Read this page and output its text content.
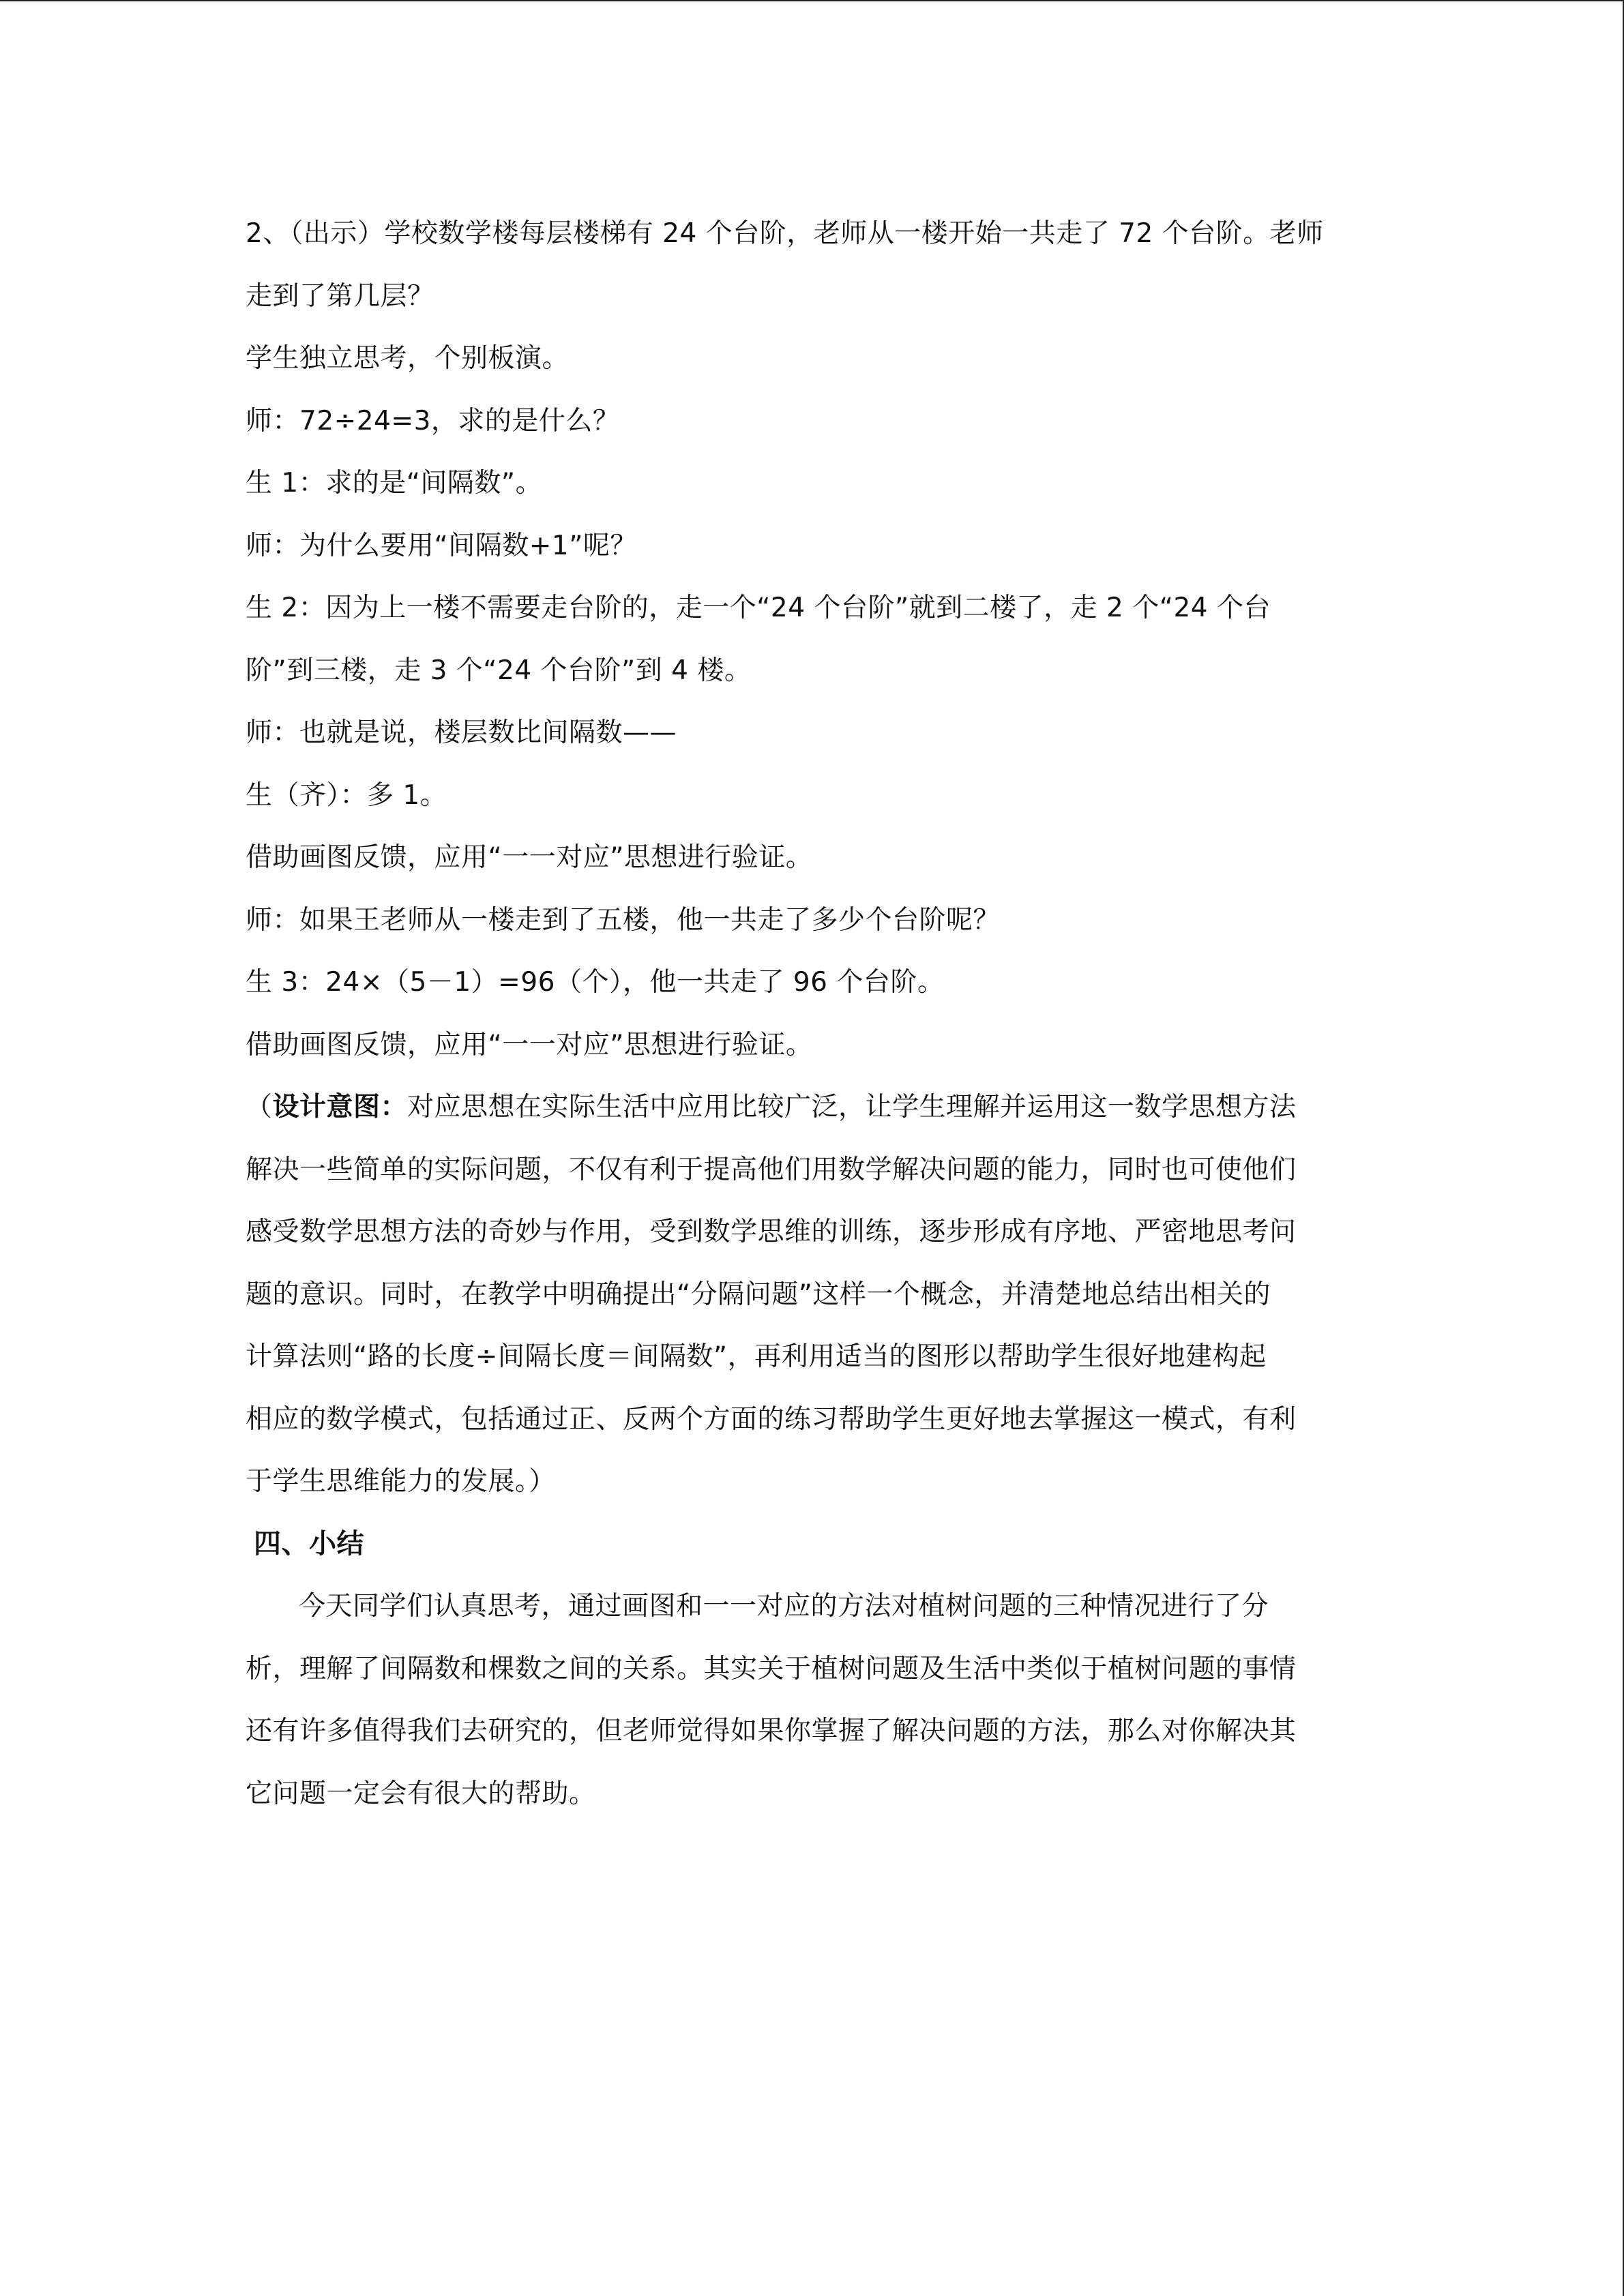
2、（出示）学校数学楼每层楼梯有 24 个台阶，老师从一楼开始一共走了 72 个台阶。老师
走到了第几层？
学生独立思考，个别板演。
师：72÷24=3，求的是什么？
生 1：求的是“间隔数”。
师：为什么要用“间隔数+1”呢？
生 2：因为上一楼不需要走台阶的，走一个“24 个台阶”就到二楼了，走 2 个“24 个台
阶”到三楼，走 3 个“24 个台阶”到 4 楼。
师：也就是说，楼层数比间隔数——
生（齐）：多 1。
借助画图反馈，应用“一一对应”思想进行验证。
师：如果王老师从一楼走到了五楼，他一共走了多少个台阶呢？
生 3：24×（5－1）=96（个），他一共走了 96 个台阶。
借助画图反馈，应用“一一对应”思想进行验证。
（设计意图：对应思想在实际生活中应用比较广泛，让学生理解并运用这一数学思想方法
解决一些简单的实际问题，不仅有利于提高他们用数学解决问题的能力，同时也可使他们
感受数学思想方法的奇妙与作用，受到数学思维的训练，逐步形成有序地、严密地思考问
题的意识。同时，在教学中明确提出“分隔问题”这样一个概念，并清楚地总结出相关的
计算法则“路的长度÷间隔长度＝间隔数”，再利用适当的图形以帮助学生很好地建构起
相应的数学模式，包括通过正、反两个方面的练习帮助学生更好地去掌握这一模式，有利
于学生思维能力的发展。）
四、小结
今天同学们认真思考，通过画图和一一对应的方法对植树问题的三种情况进行了分
析，理解了间隔数和棵数之间的关系。其实关于植树问题及生活中类似于植树问题的事情
还有许多值得我们去研究的，但老师觉得如果你掌握了解决问题的方法，那么对你解决其
它问题一定会有很大的帮助。
